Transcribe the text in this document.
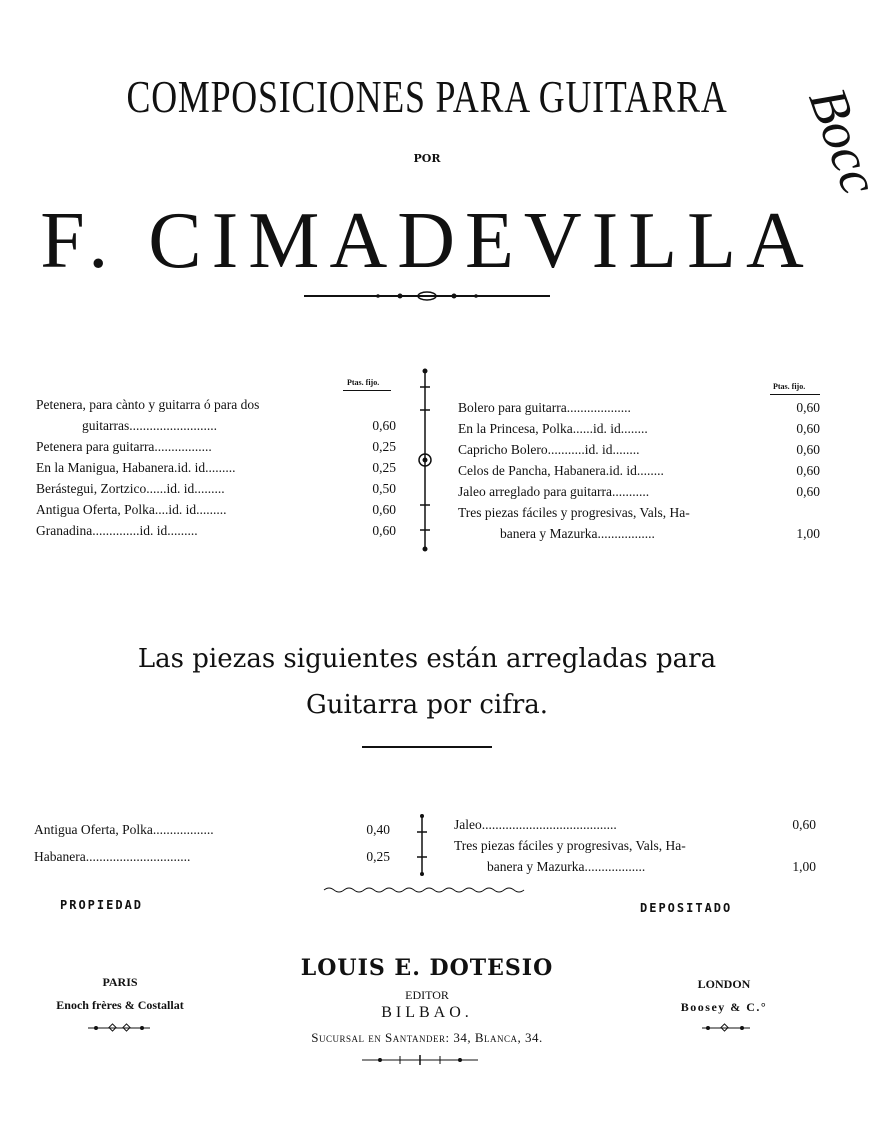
COMPOSICIONES PARA GUITARRA
POR
F. CIMADEVILLA
Bocc
Ptas. fijo.
Petenera, para cànto y guitarra ó para dos
guitarras..........................	0,60
Petenera para guitarra.................	0,25
En la Manigua, Habanera.id. id.........	0,25
Berástegui, Zortzico......id. id.........	0,50
Antigua Oferta, Polka....id. id.........	0,60
Granadina..............id. id.........	0,60
Ptas. fijo.
Bolero para guitarra...................	0,60
En la Princesa, Polka......id. id........	0,60
Capricho Bolero...........id. id........	0,60
Celos de Pancha, Habanera.id. id........	0,60
Jaleo arreglado para guitarra...........	0,60
Tres piezas fáciles y progresivas, Vals, Ha-
banera y Mazurka.................	1,00
Las piezas siguientes están arregladas para
Guitarra por cifra.
Antigua Oferta, Polka..................	0,40
Habanera...............................	0,25
Jaleo........................................	0,60
Tres piezas fáciles y progresivas, Vals, Ha-
banera y Mazurka..................	1,00
PROPIEDAD	DEPOSITADO
PARIS
Enoch frères & Costallat
LOUIS E. DOTESIO
EDITOR
BILBAO.
Sucursal en Santander: 34, Blanca, 34.
LONDON
Boosey & C.°
